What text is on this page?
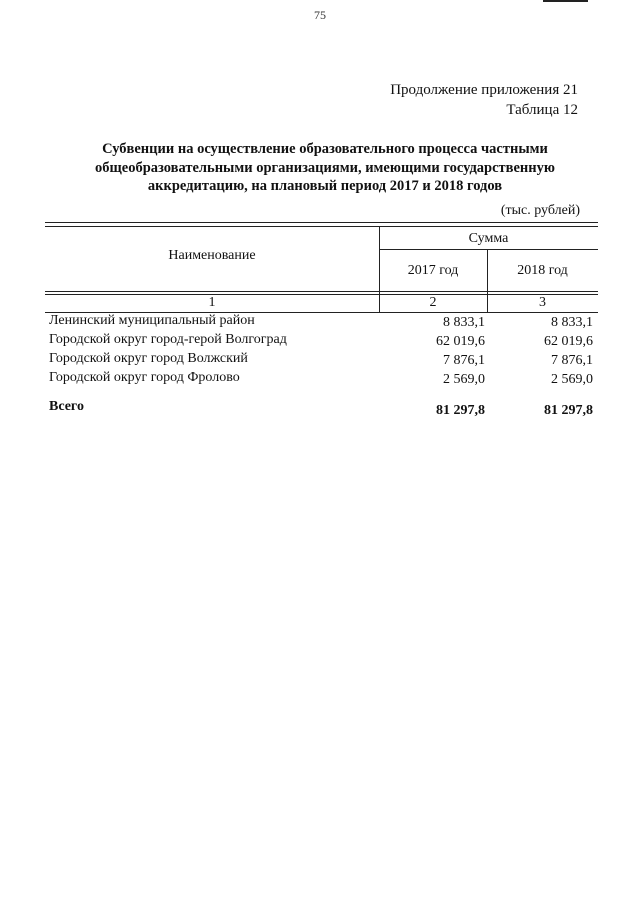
75
Продолжение приложения 21
Таблица 12
Субвенции на осуществление образовательного процесса частными
общеобразовательными организациями, имеющими государственную
аккредитацию, на плановый период 2017 и 2018 годов
(тыс. рублей)
Наименование
Сумма
2017 год	2018 год
1	2	3
Ленинский муниципальный район	8 833,1	8 833,1
Городской округ город-герой Волгоград	62 019,6	62 019,6
Городской округ город Волжский	7 876,1	7 876,1
Городской округ город Фролово	2 569,0	2 569,0
Всего	81 297,8	81 297,8
